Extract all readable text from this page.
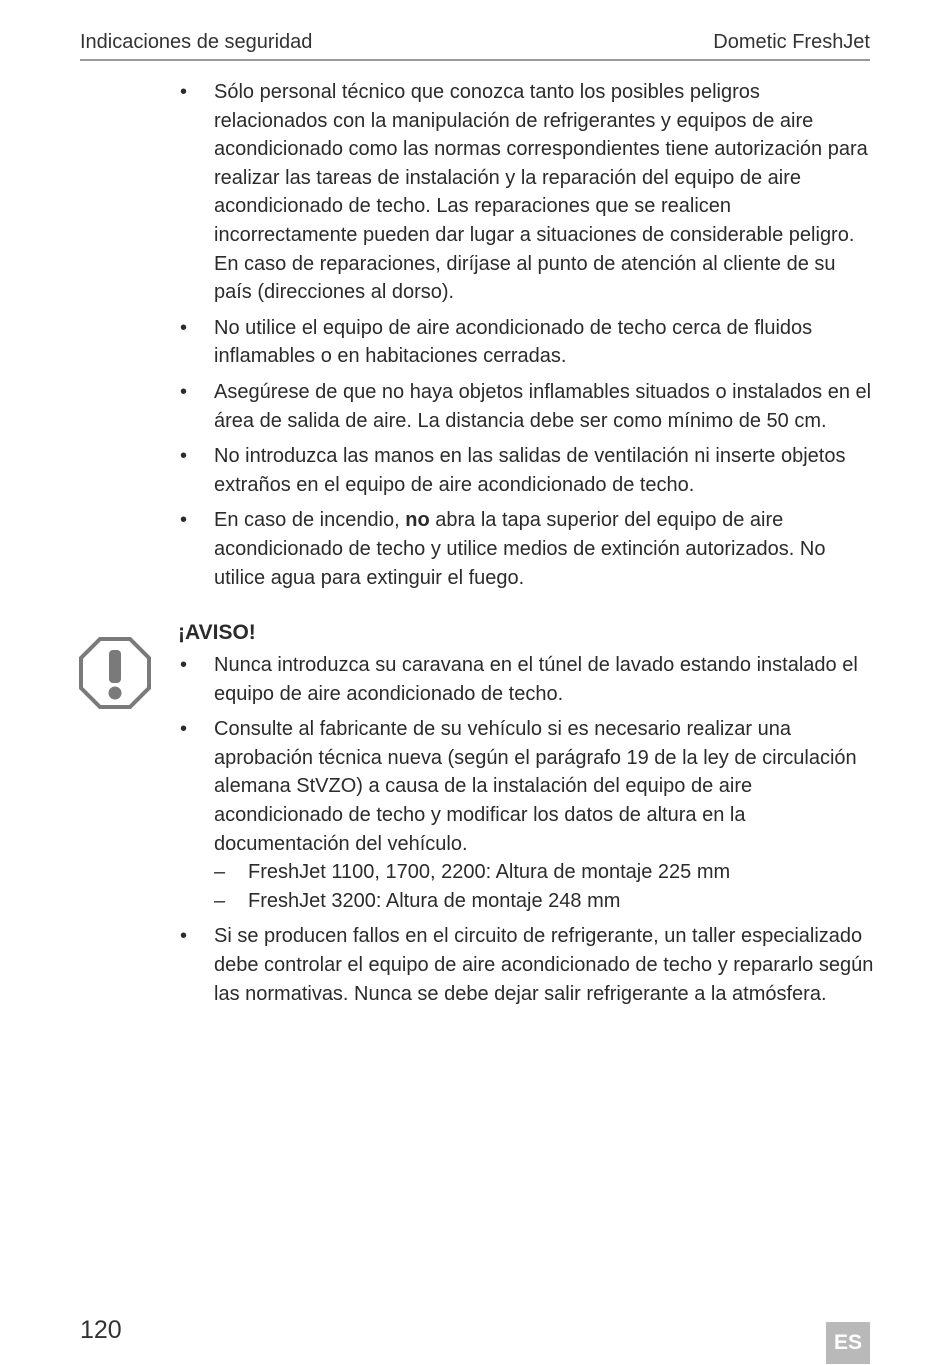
Indicaciones de seguridad	Dometic FreshJet
• Sólo personal técnico que conozca tanto los posibles peligros relacionados con la manipulación de refrigerantes y equipos de aire acondicionado como las normas correspondientes tiene autorización para realizar las tareas de instalación y la reparación del equipo de aire acondicionado de techo. Las reparaciones que se realicen incorrectamente pueden dar lugar a situaciones de considerable peligro. En caso de reparaciones, diríjase al punto de atención al cliente de su país (direcciones al dorso).
• No utilice el equipo de aire acondicionado de techo cerca de fluidos inflamables o en habitaciones cerradas.
• Asegúrese de que no haya objetos inflamables situados o instalados en el área de salida de aire. La distancia debe ser como mínimo de 50 cm.
• No introduzca las manos en las salidas de ventilación ni inserte objetos extraños en el equipo de aire acondicionado de techo.
• En caso de incendio, no abra la tapa superior del equipo de aire acondicionado de techo y utilice medios de extinción autorizados. No utilice agua para extinguir el fuego.
¡AVISO!
• Nunca introduzca su caravana en el túnel de lavado estando instalado el equipo de aire acondicionado de techo.
• Consulte al fabricante de su vehículo si es necesario realizar una aprobación técnica nueva (según el parágrafo 19 de la ley de circulación alemana StVZO) a causa de la instalación del equipo de aire acondicionado de techo y modificar los datos de altura en la documentación del vehículo.
– FreshJet 1100, 1700, 2200: Altura de montaje 225 mm
– FreshJet 3200: Altura de montaje 248 mm
• Si se producen fallos en el circuito de refrigerante, un taller especializado debe controlar el equipo de aire acondicionado de techo y repararlo según las normativas. Nunca se debe dejar salir refrigerante a la atmósfera.
120	ES
